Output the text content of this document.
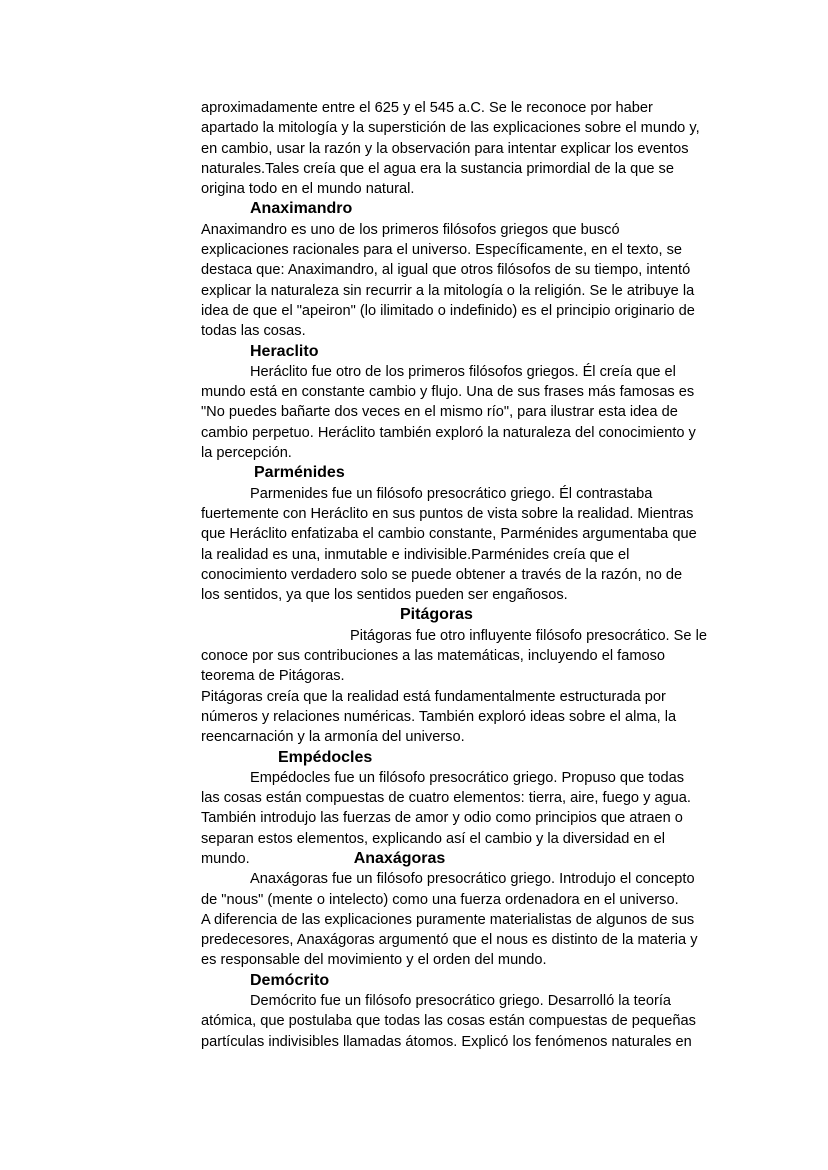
aproximadamente entre el 625 y el 545 a.C. Se le reconoce por haber
apartado la mitología y la superstición de las explicaciones sobre el mundo y,
en cambio, usar la razón y la observación para intentar explicar los eventos
naturales.Tales creía que el agua era la sustancia primordial de la que se
origina todo en el mundo natural.
Anaximandro
Anaximandro es uno de los primeros filósofos griegos que buscó
explicaciones racionales para el universo. Específicamente, en el texto, se
destaca que: Anaximandro, al igual que otros filósofos de su tiempo, intentó
explicar la naturaleza sin recurrir a la mitología o la religión. Se le atribuye la
idea de que el "apeiron" (lo ilimitado o indefinido) es el principio originario de
todas las cosas.
Heraclito
Heráclito fue otro de los primeros filósofos griegos. Él creía que el
mundo está en constante cambio y flujo. Una de sus frases más famosas es
"No puedes bañarte dos veces en el mismo río", para ilustrar esta idea de
cambio perpetuo. Heráclito también exploró la naturaleza del conocimiento y
la percepción.
Parménides
Parmenides fue un filósofo presocrático griego. Él contrastaba
fuertemente con Heráclito en sus puntos de vista sobre la realidad. Mientras
que Heráclito enfatizaba el cambio constante, Parménides argumentaba que
la realidad es una, inmutable e indivisible.Parménides creía que el
conocimiento verdadero solo se puede obtener a través de la razón, no de
los sentidos, ya que los sentidos pueden ser engañosos.
Pitágoras
Pitágoras fue otro influyente filósofo presocrático. Se le
conoce por sus contribuciones a las matemáticas, incluyendo el famoso
teorema de Pitágoras.
Pitágoras creía que la realidad está fundamentalmente estructurada por
números y relaciones numéricas. También exploró ideas sobre el alma, la
reencarnación y la armonía del universo.
Empédocles
Empédocles fue un filósofo presocrático griego. Propuso que todas
las cosas están compuestas de cuatro elementos: tierra, aire, fuego y agua.
También introdujo las fuerzas de amor y odio como principios que atraen o
separan estos elementos, explicando así el cambio y la diversidad en el
mundo.	Anaxágoras
Anaxágoras fue un filósofo presocrático griego. Introdujo el concepto
de "nous" (mente o intelecto) como una fuerza ordenadora en el universo.
A diferencia de las explicaciones puramente materialistas de algunos de sus
predecesores, Anaxágoras argumentó que el nous es distinto de la materia y
es responsable del movimiento y el orden del mundo.
Demócrito
Demócrito fue un filósofo presocrático griego. Desarrolló la teoría
atómica, que postulaba que todas las cosas están compuestas de pequeñas
partículas indivisibles llamadas átomos. Explicó los fenómenos naturales en
